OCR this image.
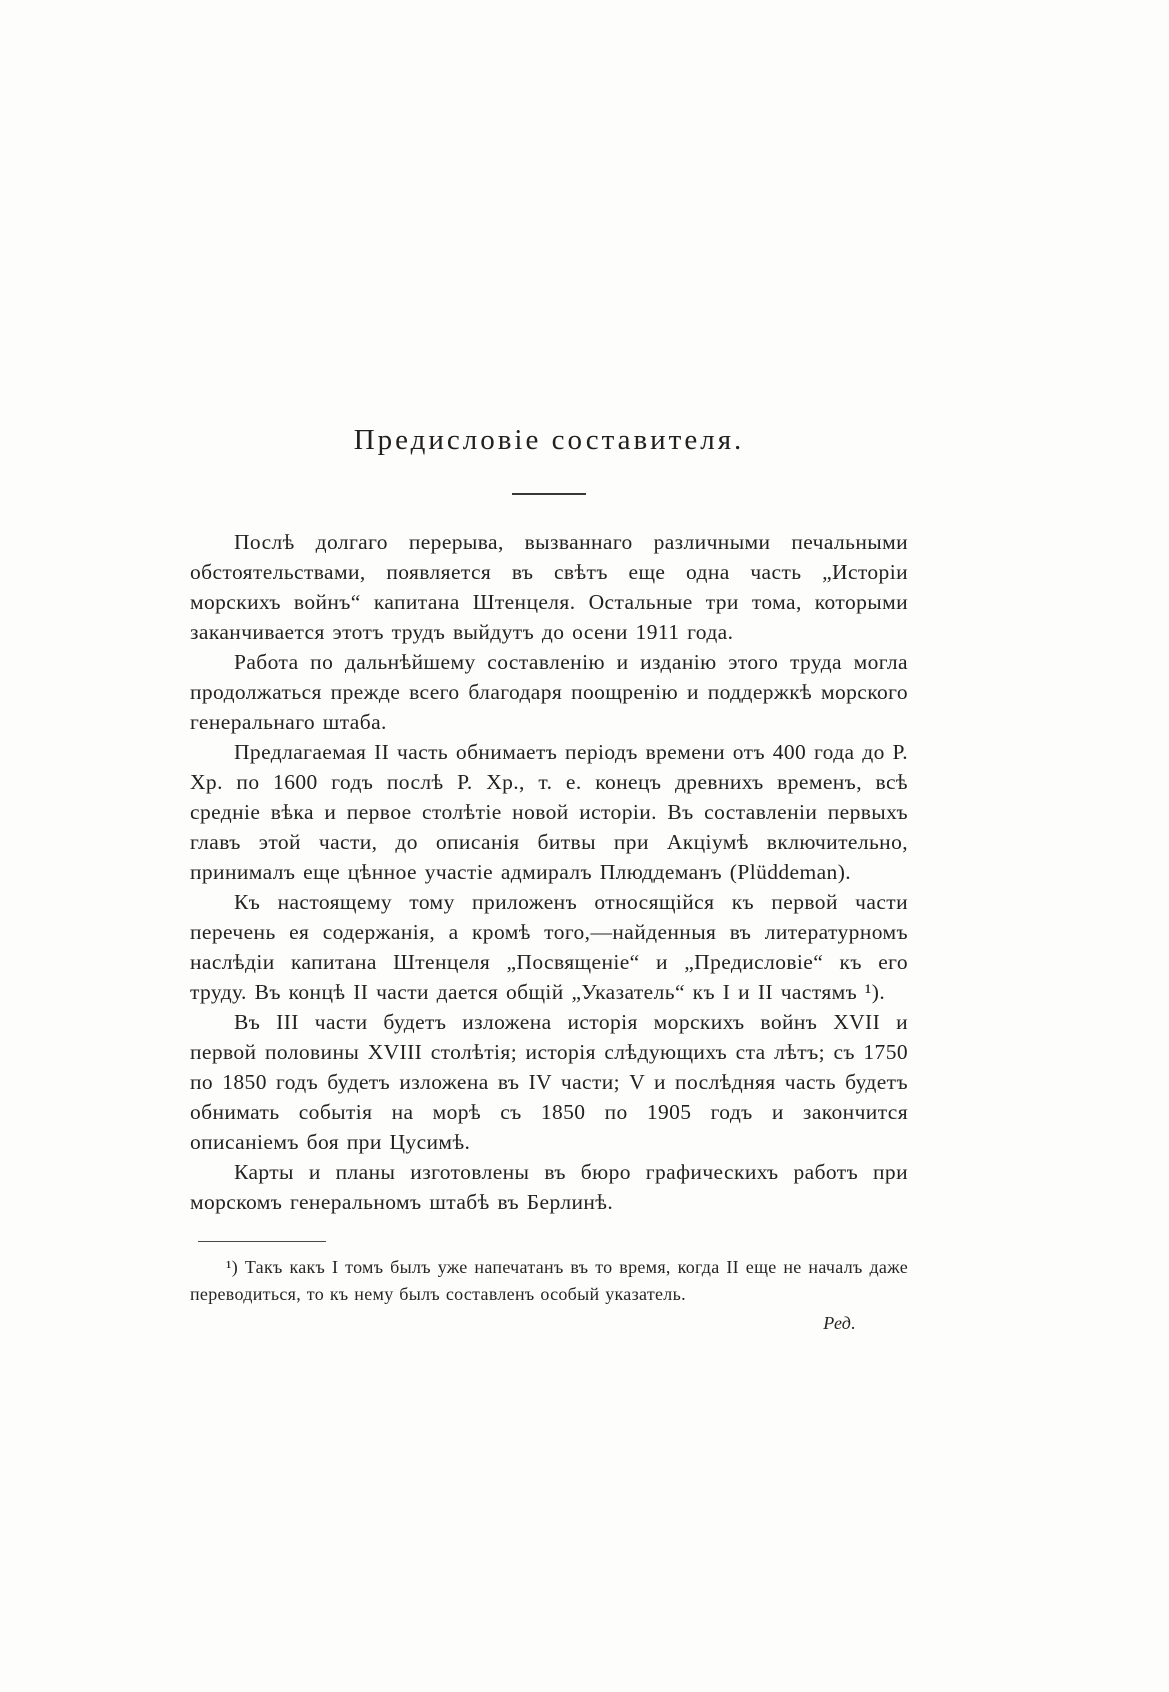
Предисловіе составителя.

Послѣ долгаго перерыва, вызваннаго различными печальными обстоятельствами, появляется въ свѣтъ еще одна часть „Исторіи морскихъ войнъ“ капитана Штенцеля. Остальные три тома, которыми заканчивается этотъ трудъ выйдутъ до осени 1911 года.

Работа по дальнѣйшему составленію и изданію этого труда могла продолжаться прежде всего благодаря поощренію и поддержкѣ морского генеральнаго штаба.

Предлагаемая II часть обнимаетъ періодъ времени отъ 400 года до Р. Хр. по 1600 годъ послѣ Р. Хр., т. е. конецъ древнихъ временъ, всѣ средніе вѣка и первое столѣтіе новой исторіи. Въ составленіи первыхъ главъ этой части, до описанія битвы при Акціумѣ включительно, принималъ еще цѣнное участіе адмиралъ Плюддеманъ (Plüddeman).

Къ настоящему тому приложенъ относящійся къ первой части перечень ея содержанія, а кромѣ того,—найденныя въ литературномъ наслѣдіи капитана Штенцеля „Посвященіе“ и „Предисловіе“ къ его труду. Въ концѣ II части дается общій „Указатель“ къ I и II частямъ ¹).

Въ III части будетъ изложена исторія морскихъ войнъ XVII и первой половины XVIII столѣтія; исторія слѣдующихъ ста лѣтъ; съ 1750 по 1850 годъ будетъ изложена въ IV части; V и послѣдняя часть будетъ обнимать событія на морѣ съ 1850 по 1905 годъ и закончится описаніемъ боя при Цусимѣ.

Карты и планы изготовлены въ бюро графическихъ работъ при морскомъ генеральномъ штабѣ въ Берлинѣ.

¹) Такъ какъ I томъ былъ уже напечатанъ въ то время, когда II еще не началъ даже переводиться, то къ нему былъ составленъ особый указатель.

Ред.
